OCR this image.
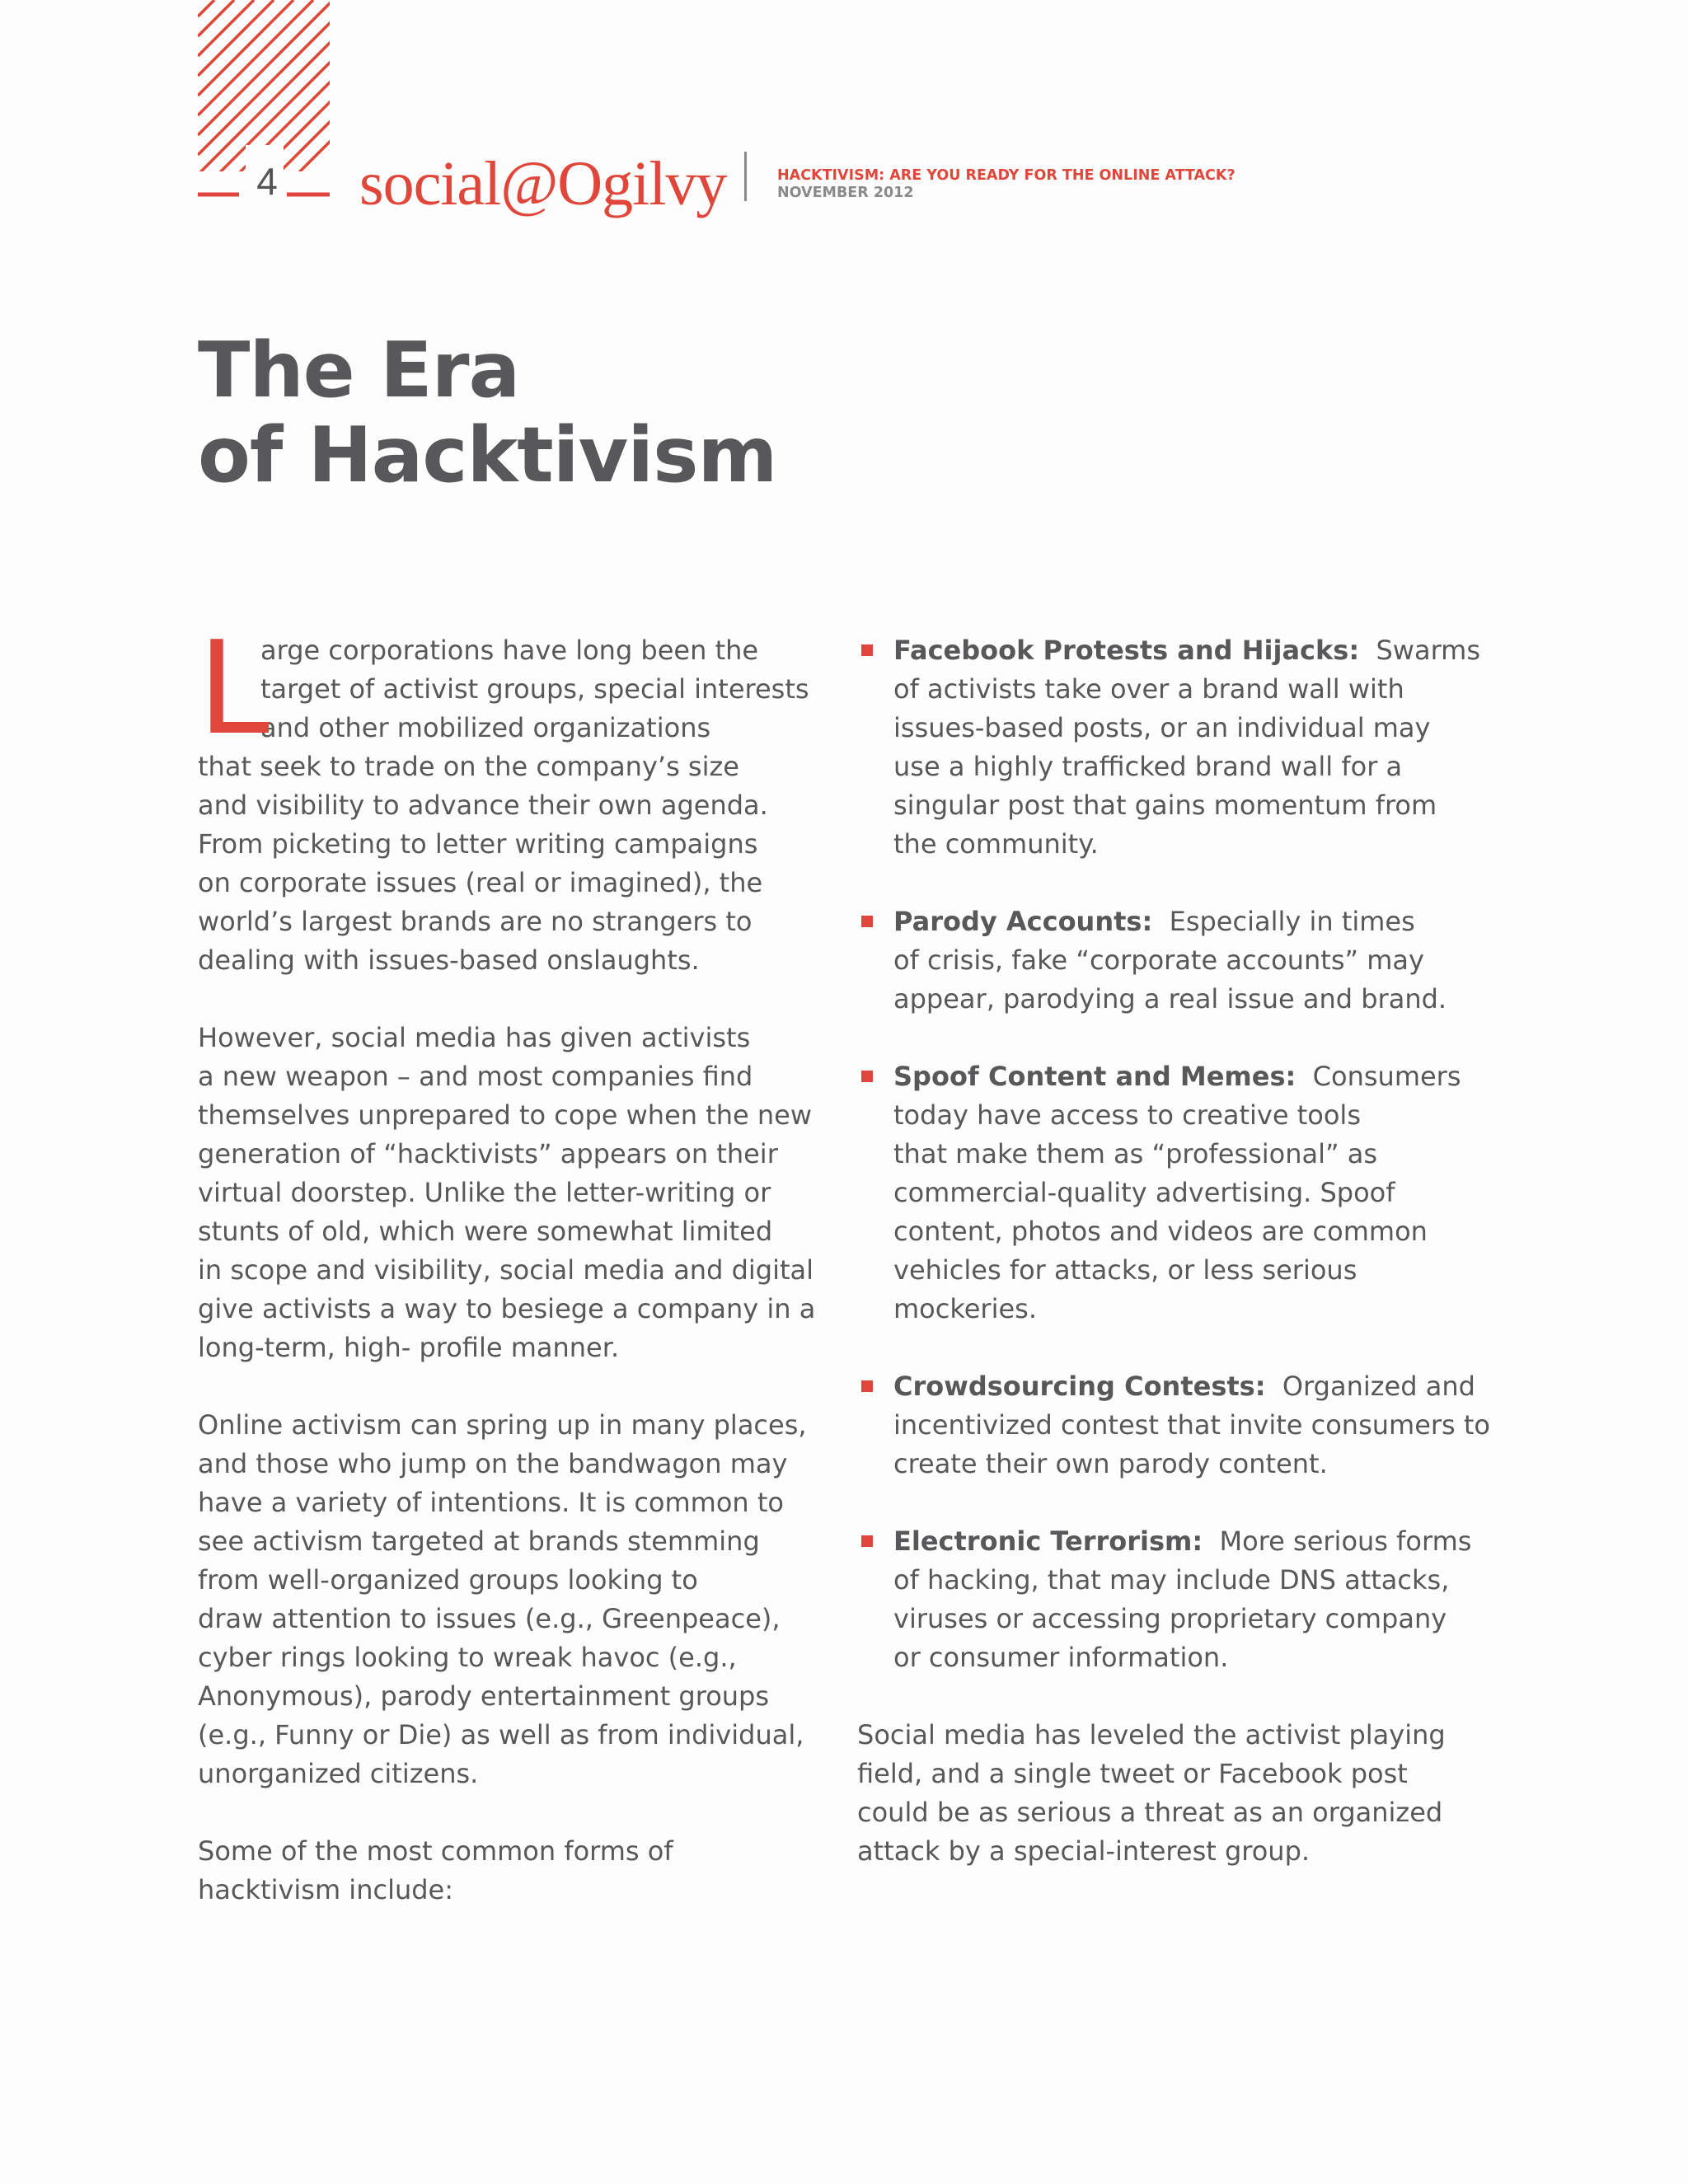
4 social@Ogilvy	HACKTIVISM: ARE YOU READY FOR THE ONLINE ATTACK?
NOVEMBER 2012
The Era
of Hacktivism
L
arge corporations have long been the
target of activist groups, special interests
and other mobilized organizations
that seek to trade on the company’s size
and visibility to advance their own agenda.
From picketing to letter writing campaigns
on corporate issues (real or imagined), the
world’s largest brands are no strangers to
dealing with issues-based onslaughts.
However, social media has given activists
a new weapon – and most companies find
themselves unprepared to cope when the new
generation of “hacktivists” appears on their
virtual doorstep. Unlike the letter-writing or
stunts of old, which were somewhat limited
in scope and visibility, social media and digital
give activists a way to besiege a company in a
long-term, high- profile manner.
Online activism can spring up in many places,
and those who jump on the bandwagon may
have a variety of intentions. It is common to
see activism targeted at brands stemming
from well-organized groups looking to
draw attention to issues (e.g., Greenpeace),
cyber rings looking to wreak havoc (e.g.,
Anonymous), parody entertainment groups
(e.g., Funny or Die) as well as from individual,
unorganized citizens.
Some of the most common forms of
hacktivism include:
Facebook Protests and Hijacks: Swarms
of activists take over a brand wall with
issues-based posts, or an individual may
use a highly trafficked brand wall for a
singular post that gains momentum from
the community.
Parody Accounts: Especially in times
of crisis, fake “corporate accounts” may
appear, parodying a real issue and brand.
Spoof Content and Memes: Consumers
today have access to creative tools
that make them as “professional” as
commercial-quality advertising. Spoof
content, photos and videos are common
vehicles for attacks, or less serious
mockeries.
Crowdsourcing Contests: Organized and
incentivized contest that invite consumers to
create their own parody content.
Electronic Terrorism: More serious forms
of hacking, that may include DNS attacks,
viruses or accessing proprietary company
or consumer information.
Social media has leveled the activist playing
field, and a single tweet or Facebook post
could be as serious a threat as an organized
attack by a special-interest group.
